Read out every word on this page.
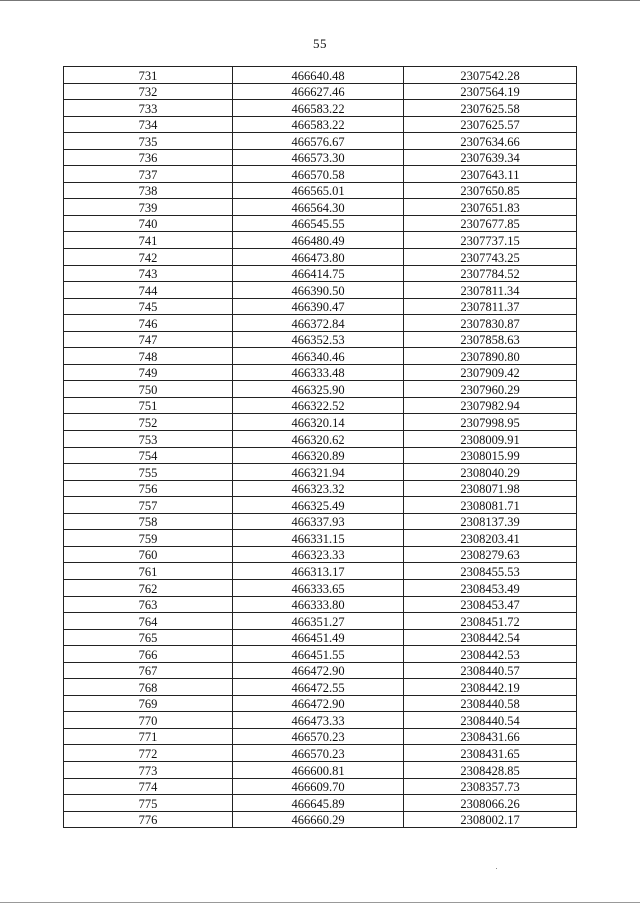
55
731	466640.48	2307542.28
732	466627.46	2307564.19
733	466583.22	2307625.58
734	466583.22	2307625.57
735	466576.67	2307634.66
736	466573.30	2307639.34
737	466570.58	2307643.11
738	466565.01	2307650.85
739	466564.30	2307651.83
740	466545.55	2307677.85
741	466480.49	2307737.15
742	466473.80	2307743.25
743	466414.75	2307784.52
744	466390.50	2307811.34
745	466390.47	2307811.37
746	466372.84	2307830.87
747	466352.53	2307858.63
748	466340.46	2307890.80
749	466333.48	2307909.42
750	466325.90	2307960.29
751	466322.52	2307982.94
752	466320.14	2307998.95
753	466320.62	2308009.91
754	466320.89	2308015.99
755	466321.94	2308040.29
756	466323.32	2308071.98
757	466325.49	2308081.71
758	466337.93	2308137.39
759	466331.15	2308203.41
760	466323.33	2308279.63
761	466313.17	2308455.53
762	466333.65	2308453.49
763	466333.80	2308453.47
764	466351.27	2308451.72
765	466451.49	2308442.54
766	466451.55	2308442.53
767	466472.90	2308440.57
768	466472.55	2308442.19
769	466472.90	2308440.58
770	466473.33	2308440.54
771	466570.23	2308431.66
772	466570.23	2308431.65
773	466600.81	2308428.85
774	466609.70	2308357.73
775	466645.89	2308066.26
776	466660.29	2308002.17
